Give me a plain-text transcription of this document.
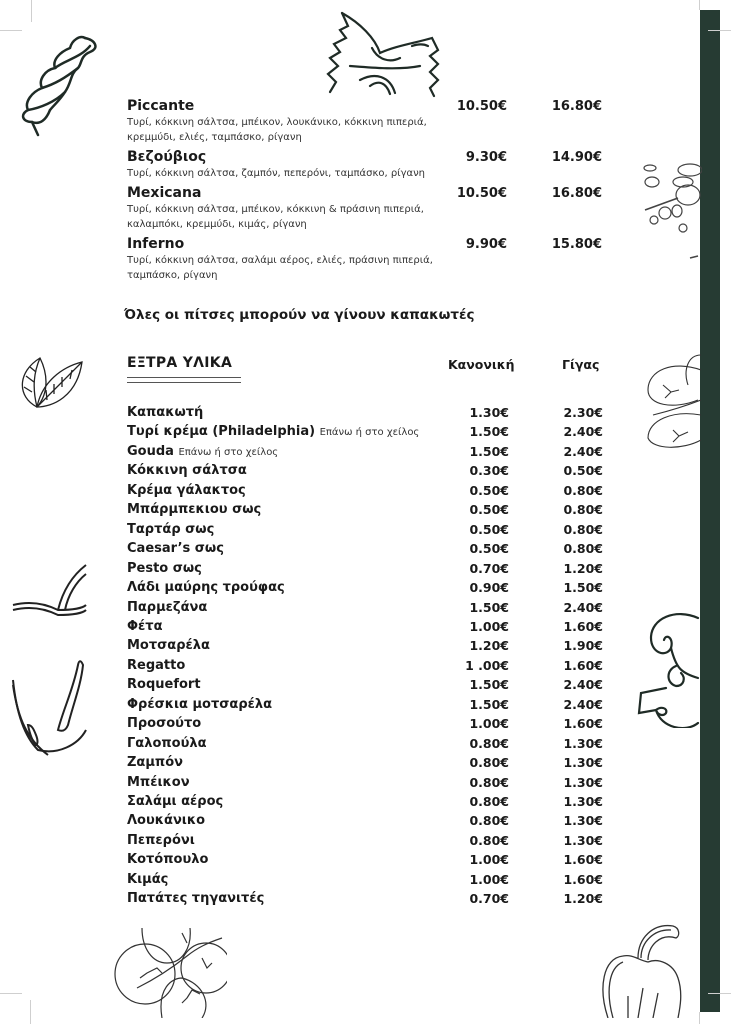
Piccante
Τυρί, κόκκινη σάλτσα, μπέικον, λουκάνικο, κόκκινη πιπεριά, κρεμμύδι, ελιές, ταμπάσκο, ρίγανη
10.50€	16.80€
Βεζούβιος
Τυρί, κόκκινη σάλτσα, ζαμπόν, πεπερόνι, ταμπάσκο, ρίγανη
9.30€	14.90€
Mexicana
Τυρί, κόκκινη σάλτσα, μπέικον, κόκκινη & πράσινη πιπεριά, καλαμπόκι, κρεμμύδι, κιμάς, ρίγανη
10.50€	16.80€
Inferno
Τυρί, κόκκινη σάλτσα, σαλάμι αέρος, ελιές, πράσινη πιπεριά, ταμπάσκο, ρίγανη
9.90€	15.80€
Όλες οι πίτσες μπορούν να γίνουν καπακωτές
ΕΞΤΡΑ ΥΛΙΚΑ	Κανονική	Γίγας
Καπακωτή	1.30€	2.30€
Τυρί κρέμα (Philadelphia) Επάνω ή στο χείλος	1.50€	2.40€
Gouda Επάνω ή στο χείλος	1.50€	2.40€
Κόκκινη σάλτσα	0.30€	0.50€
Κρέμα γάλακτος	0.50€	0.80€
Μπάρμπεκιου σως	0.50€	0.80€
Ταρτάρ σως	0.50€	0.80€
Caesar’s σως	0.50€	0.80€
Pesto σως	0.70€	1.20€
Λάδι μαύρης τρούφας	0.90€	1.50€
Παρμεζάνα	1.50€	2.40€
Φέτα	1.00€	1.60€
Μοτσαρέλα	1.20€	1.90€
Regatto	1 .00€	1.60€
Roquefort	1.50€	2.40€
Φρέσκια μοτσαρέλα	1.50€	2.40€
Προσούτο	1.00€	1.60€
Γαλοπούλα	0.80€	1.30€
Ζαμπόν	0.80€	1.30€
Μπέικον	0.80€	1.30€
Σαλάμι αέρος	0.80€	1.30€
Λουκάνικο	0.80€	1.30€
Πεπερόνι	0.80€	1.30€
Κοτόπουλο	1.00€	1.60€
Κιμάς	1.00€	1.60€
Πατάτες τηγανιτές	0.70€	1.20€
